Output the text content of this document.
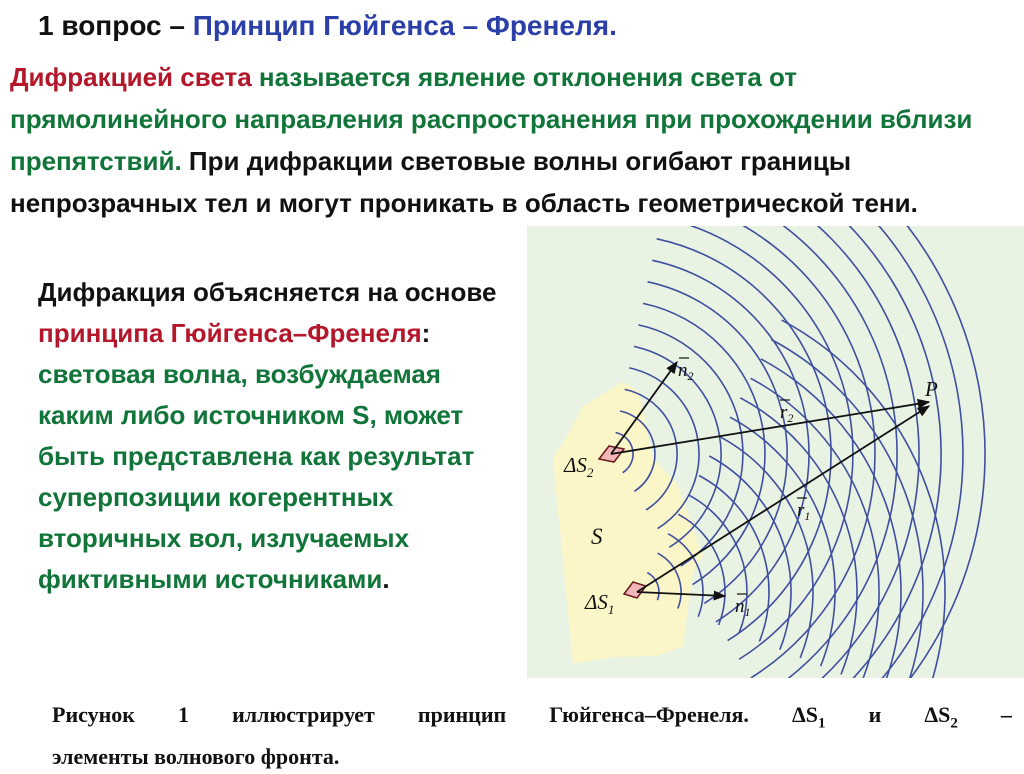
1 вопрос – Принцип Гюйгенса – Френеля.
Дифракцией света называется явление отклонения света от прямолинейного направления распространения при прохождении вблизи препятствий. При дифракции световые волны огибают границы непрозрачных тел и могут проникать в область геометрической тени.
Дифракция объясняется на основе принципа Гюйгенса–Френеля: световая волна, возбуждаемая каким либо источником S, может быть представлена как результат суперпозиции когерентных вторичных вол, излучаемых фиктивными источниками.
$\Delta S_2$
$\Delta S_1$
S
P
$n_2$
$r_2$
$r_1$
$n_1$
Рисунок 1 иллюстрирует принцип Гюйгенса–Френеля. $\Delta S_1$ и $\Delta S_2$ –
элементы волнового фронта.
